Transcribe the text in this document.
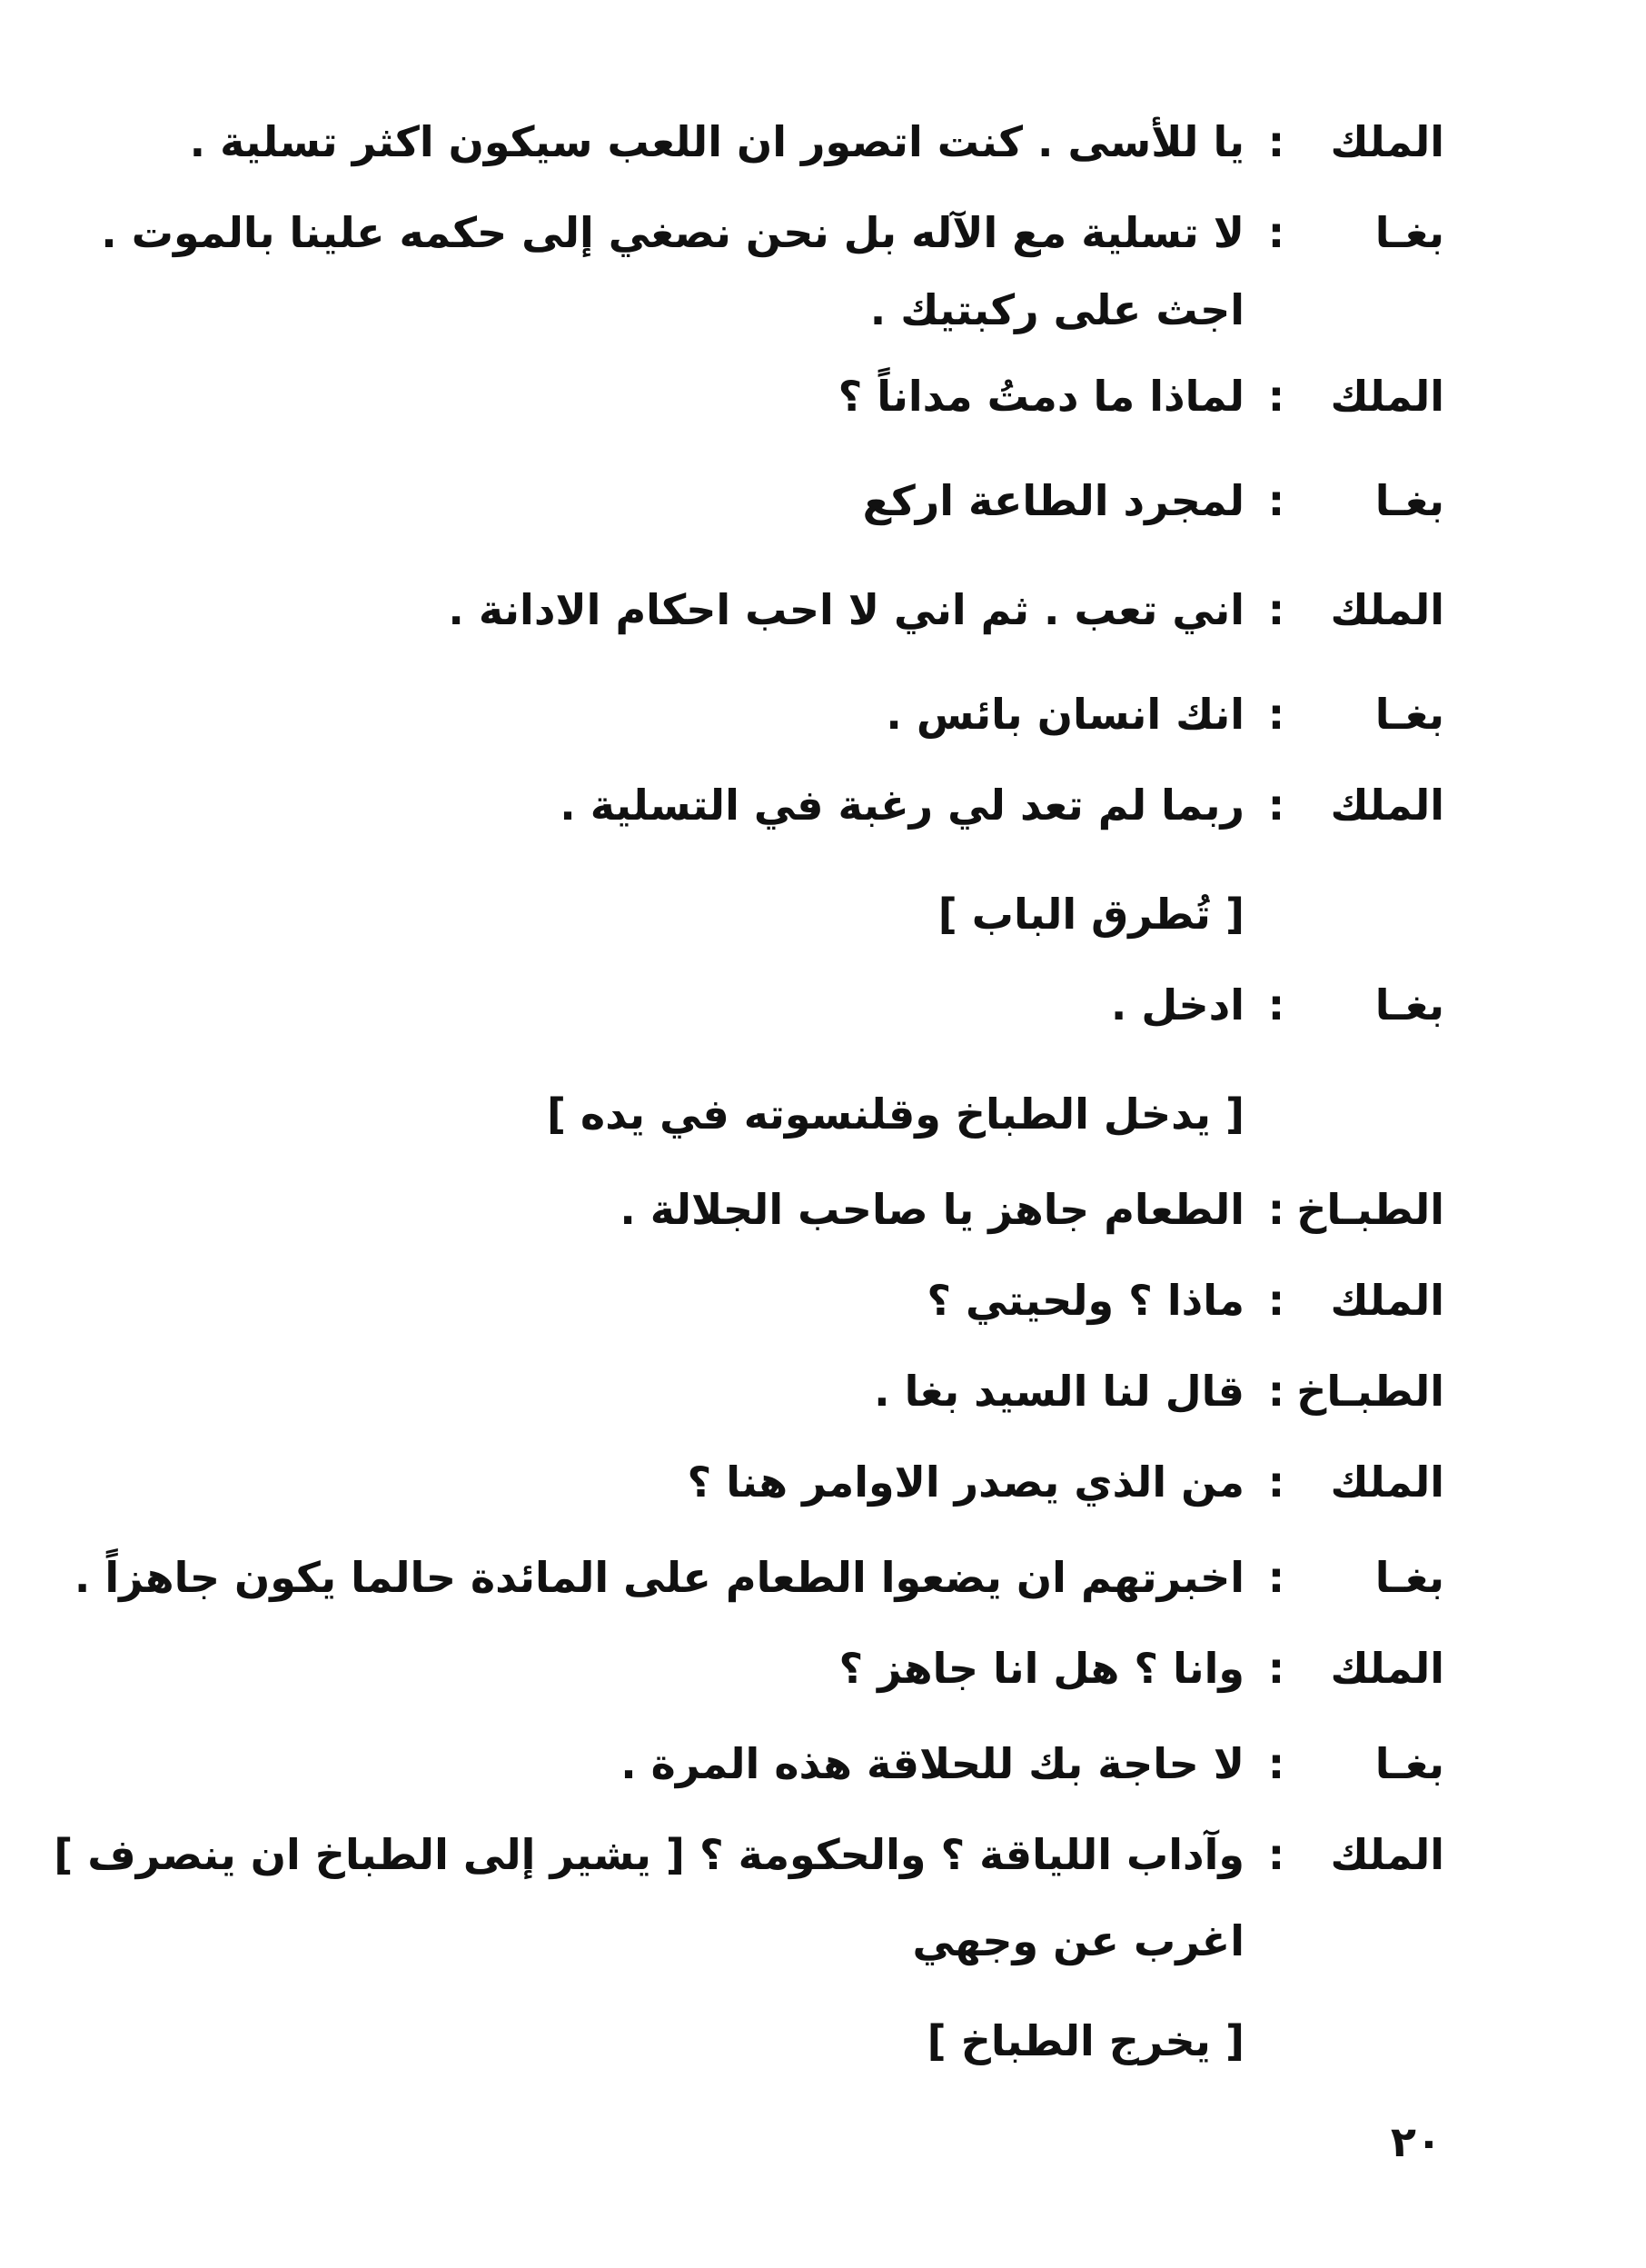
الملك
:
يا للأسى . كنت اتصور ان اللعب سيكون اكثر تسلية .
بغـا
:
لا تسلية مع الآله بل نحن نصغي إلى حكمه علينا بالموت .
اجث على ركبتيك .
الملك
:
لماذا ما دمتُ مداناً ؟
بغـا
:
لمجرد الطاعة اركع
الملك
:
اني تعب . ثم اني لا احب احكام الادانة .
بغـا
:
انك انسان بائس .
الملك
:
ربما لم تعد لي رغبة في التسلية .
[ تُطرق الباب ]
بغـا
:
ادخل .
[ يدخل الطباخ وقلنسوته في يده ]
الطبـاخ
:
الطعام جاهز يا صاحب الجلالة .
الملك
:
ماذا ؟ ولحيتي ؟
الطبـاخ
:
قال لنا السيد بغا .
الملك
:
من الذي يصدر الاوامر هنا ؟
بغـا
:
اخبرتهم ان يضعوا الطعام على المائدة حالما يكون جاهزاً .
الملك
:
وانا ؟ هل انا جاهز ؟
بغـا
:
لا حاجة بك للحلاقة هذه المرة .
الملك
:
وآداب اللياقة ؟ والحكومة ؟ [ يشير إلى الطباخ ان ينصرف ]
اغرب عن وجهي
[ يخرج الطباخ ]
٢٠
